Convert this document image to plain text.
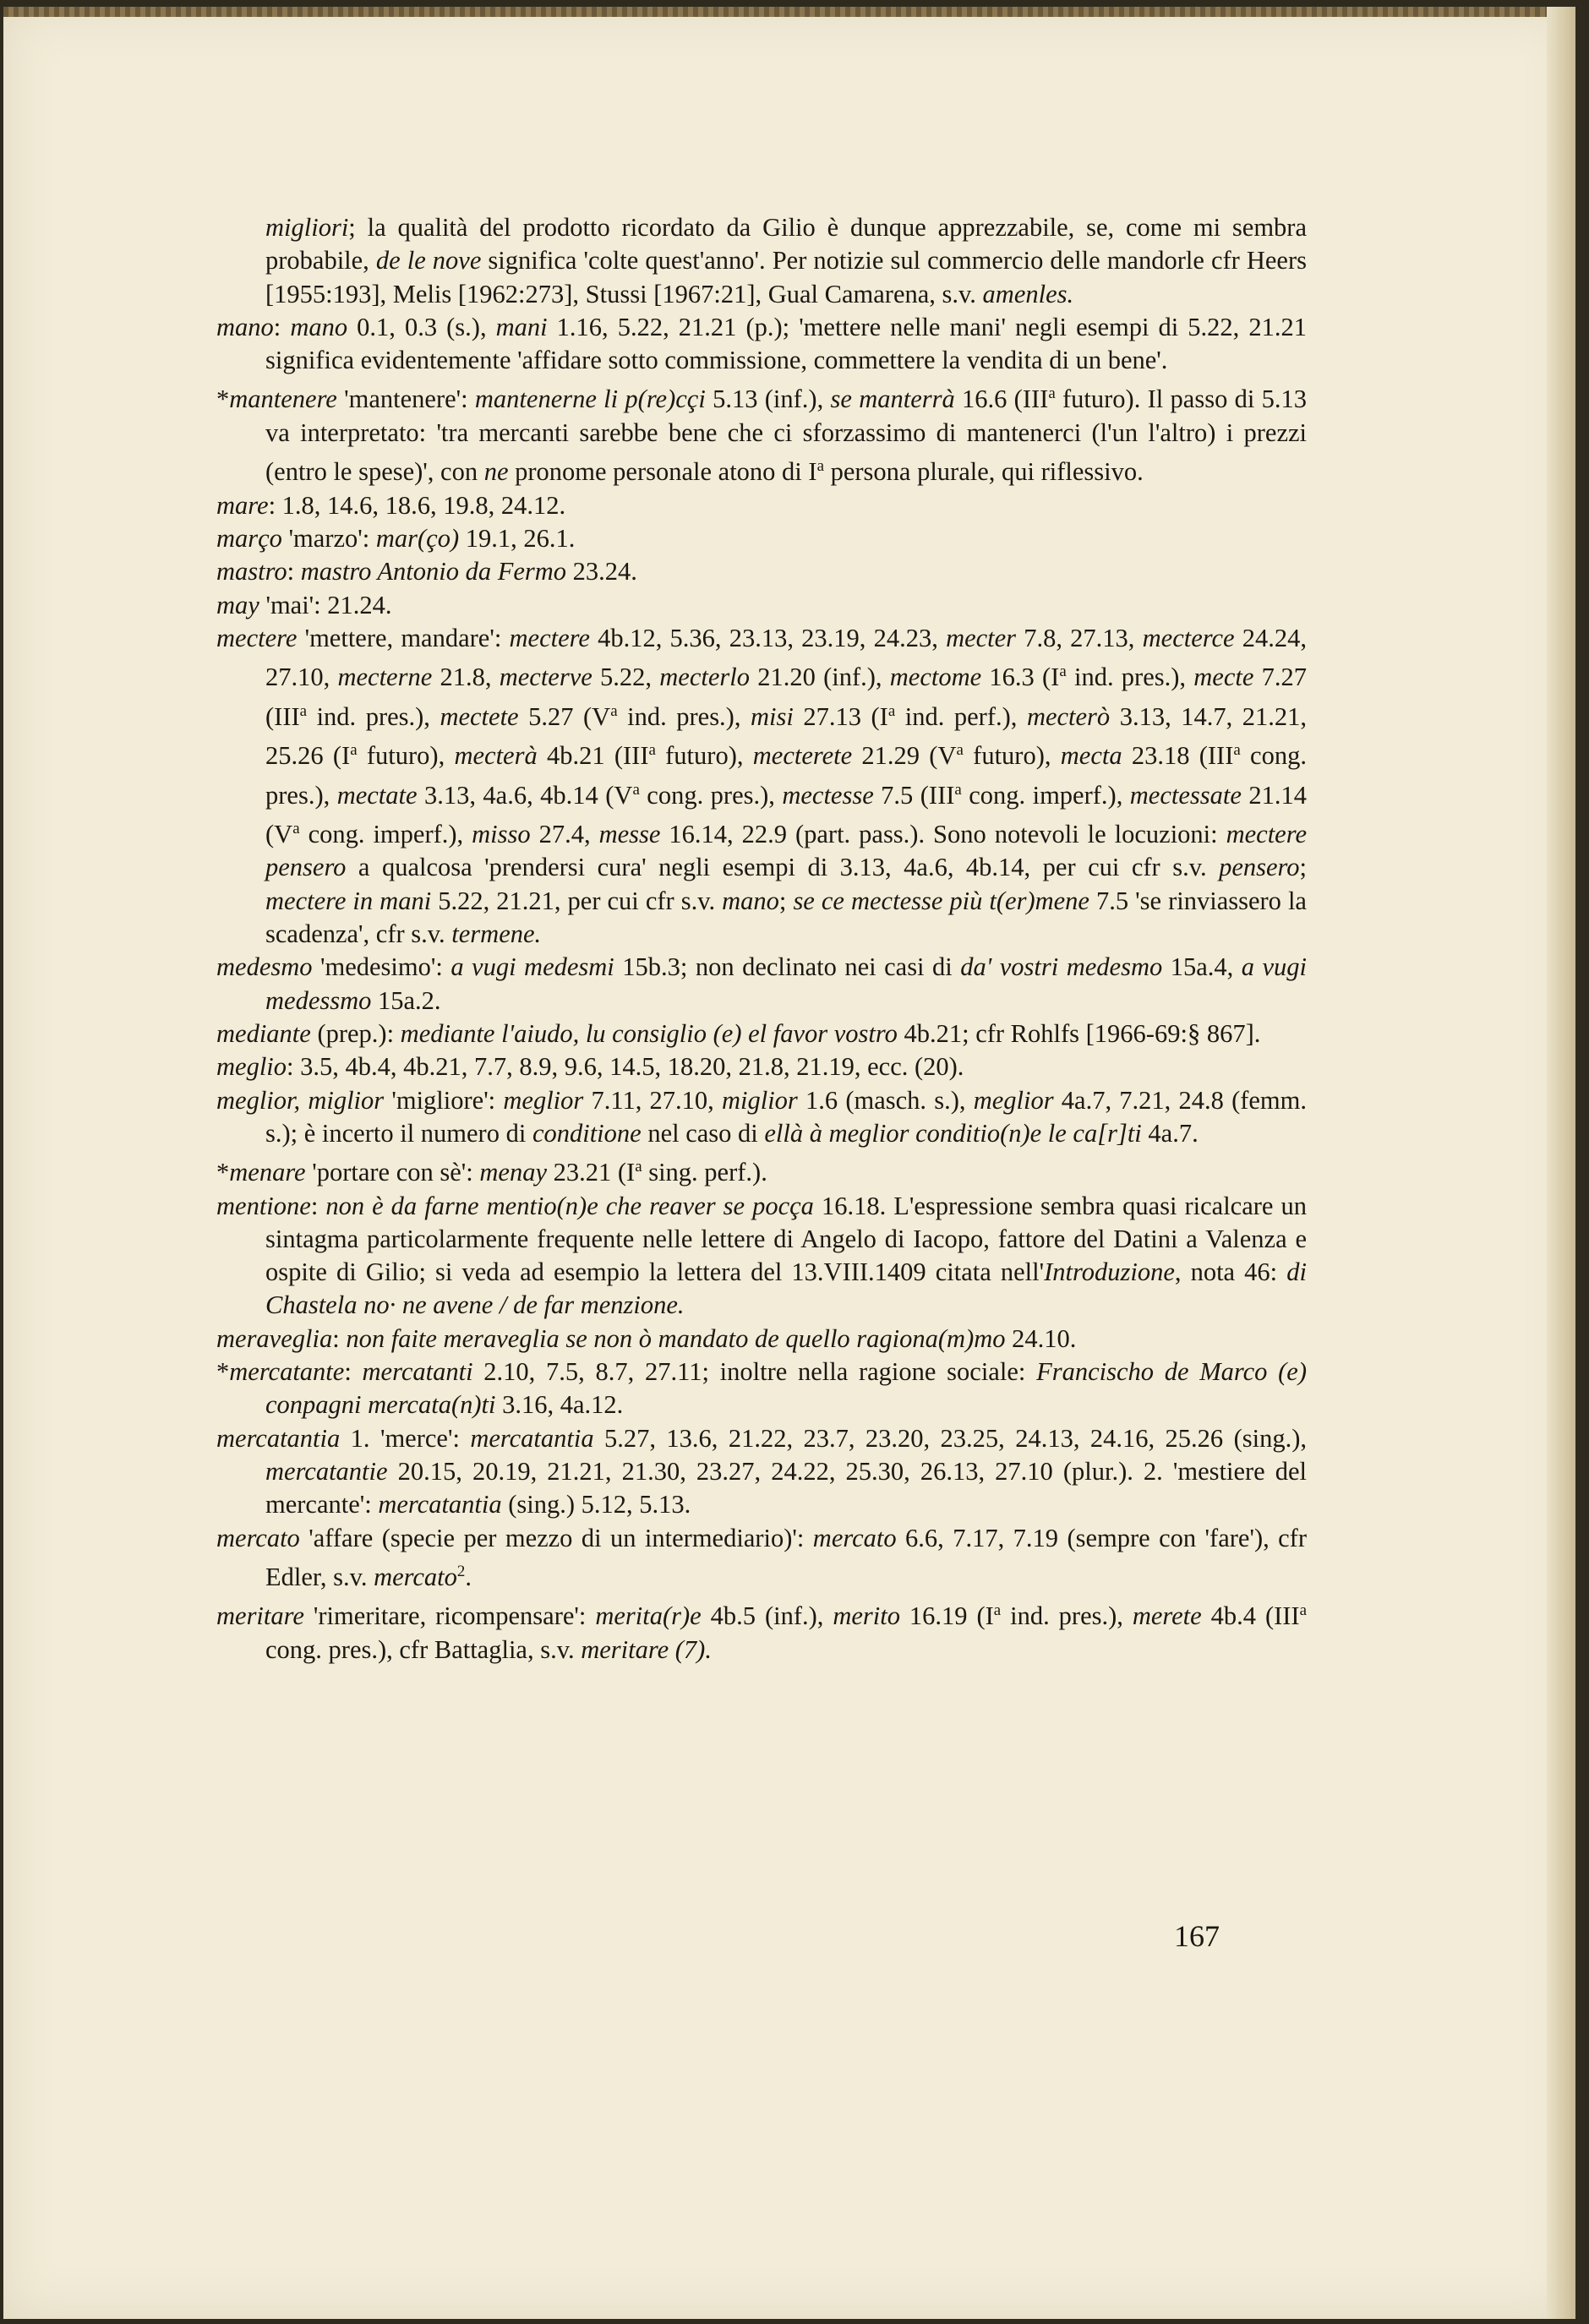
migliori; la qualità del prodotto ricordato da Gilio è dunque apprezzabile, se, come mi sembra probabile, de le nove significa 'colte quest'anno'. Per notizie sul commercio delle mandorle cfr Heers [1955:193], Melis [1962:273], Stussi [1967:21], Gual Camarena, s.v. amenles.

mano: mano 0.1, 0.3 (s.), mani 1.16, 5.22, 21.21 (p.); 'mettere nelle mani' negli esempi di 5.22, 21.21 significa evidentemente 'affidare sotto commissione, commettere la vendita di un bene'.

*mantenere 'mantenere': mantenerne li p(re)cçi 5.13 (inf.), se manterrà 16.6 (III$^a$ futuro). Il passo di 5.13 va interpretato: 'tra mercanti sarebbe bene che ci sforzassimo di mantenerci (l'un l'altro) i prezzi (entro le spese)', con ne pronome personale atono di $I^a$ persona plurale, qui riflessivo.

mare: 1.8, 14.6, 18.6, 19.8, 24.12.

marçо 'marzo': mar(çо) 19.1, 26.1.

mastro: mastro Antonio da Fermo 23.24.

may 'mai': 21.24.

mectere 'mettere, mandare': mectere 4b.12, 5.36, 23.13, 23.19, 24.23, mecter 7.8, 27.13, mecterce 24.24, 27.10, mecterne 21.8, mecterve 5.22, mecterlo 21.20 (inf.), mectome 16.3 ($I^a$ ind. pres.), mecte 7.27 (III$^a$ ind. pres.), mectete 5.27 ($V^a$ ind. pres.), misi 27.13 ($I^a$ ind. perf.), mecterò 3.13, 14.7, 21.21, 25.26 ($I^a$ futuro), mecterà 4b.21 (III$^a$ futuro), mecterete 21.29 ($V^a$ futuro), mecta 23.18 (III$^a$ cong. pres.), mectate 3.13, 4a.6, 4b.14 ($V^a$ cong. pres.), mectesse 7.5 (III$^a$ cong. imperf.), mectessate 21.14 ($V^a$ cong. imperf.), misso 27.4, messe 16.14, 22.9 (part. pass.). Sono notevoli le locuzioni: mectere pensero a qualcosa 'prendersi cura' negli esempi di 3.13, 4a.6, 4b.14, per cui cfr s.v. pensero; mectere in mani 5.22, 21.21, per cui cfr s.v. mano; se ce mectesse più t(er)mene 7.5 'se rinviassero la scadenza', cfr s.v. termene.

medesmo 'medesimo': a vugi medesmi 15b.3; non declinato nei casi di da' vostri medesmo 15a.4, a vugi medessmo 15a.2.

mediante (prep.): mediante l'aiudo, lu consiglio (e) el favor vostro 4b.21; cfr Rohlfs [1966-69:§ 867].

meglio: 3.5, 4b.4, 4b.21, 7.7, 8.9, 9.6, 14.5, 18.20, 21.8, 21.19, ecc. (20).

meglior, miglior 'migliore': meglior 7.11, 27.10, miglior 1.6 (masch. s.), meglior 4a.7, 7.21, 24.8 (femm. s.); è incerto il numero di conditione nel caso di ellà à meglior conditio(n)e le ca[r]ti 4a.7.

*menare 'portare con sè': menay 23.21 ($I^a$ sing. perf.).

mentione: non è da farne mentio(n)e che reaver se pocça 16.18. L'espressione sembra quasi ricalcare un sintagma particolarmente frequente nelle lettere di Angelo di Iacopo, fattore del Datini a Valenza e ospite di Gilio; si veda ad esempio la lettera del 13.VIII.1409 citata nell'Introduzione, nota 46: di Chastela no· ne avene / de far menzione.

meraveglia: non faite meraveglia se non ò mandato de quello ragiona(m)mo 24.10.

*mercatante: mercatanti 2.10, 7.5, 8.7, 27.11; inoltre nella ragione sociale: Francischo de Marco (e) conpagni mercata(n)ti 3.16, 4a.12.

mercatantia 1. 'merce': mercatantia 5.27, 13.6, 21.22, 23.7, 23.20, 23.25, 24.13, 24.16, 25.26 (sing.), mercatantie 20.15, 20.19, 21.21, 21.30, 23.27, 24.22, 25.30, 26.13, 27.10 (plur.). 2. 'mestiere del mercante': mercatantia (sing.) 5.12, 5.13.

mercato 'affare (specie per mezzo di un intermediario)': mercato 6.6, 7.17, 7.19 (sempre con 'fare'), cfr Edler, s.v. mercato$^2$.

meritare 'rimeritare, ricompensare': merita(r)e 4b.5 (inf.), merito 16.19 ($I^a$ ind. pres.), merete 4b.4 (III$^a$ cong. pres.), cfr Battaglia, s.v. meritare (7).

167
